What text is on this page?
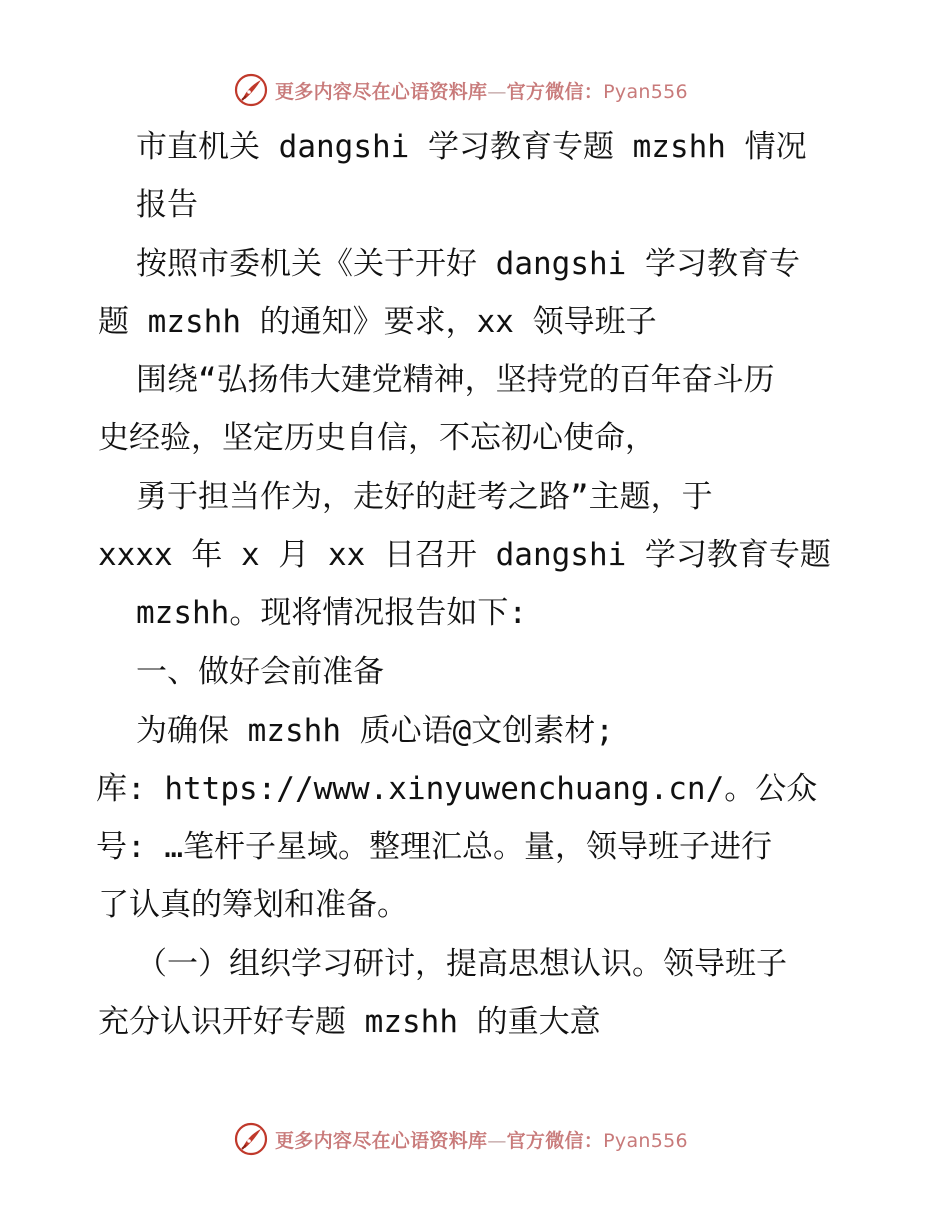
更多内容尽在心语资料库—官方微信：Pyan556
市直机关 dangshi 学习教育专题 mzshh 情况
报告
按照市委机关《关于开好 dangshi 学习教育专
题 mzshh 的通知》要求，xx 领导班子
围绕“弘扬伟大建党精神，坚持党的百年奋斗历
史经验，坚定历史自信，不忘初心使命，
勇于担当作为，走好的赶考之路”主题，于
xxxx 年 x 月 xx 日召开 dangshi 学习教育专题
mzshh。现将情况报告如下:
一、做好会前准备
为确保 mzshh 质心语@文创素材;
库: https://www.xinyuwenchuang.cn/。公众
号: …笔杆子星域。整理汇总。量，领导班子进行
了认真的筹划和准备。
（一）组织学习研讨，提高思想认识。领导班子
充分认识开好专题 mzshh 的重大意
更多内容尽在心语资料库—官方微信：Pyan556
